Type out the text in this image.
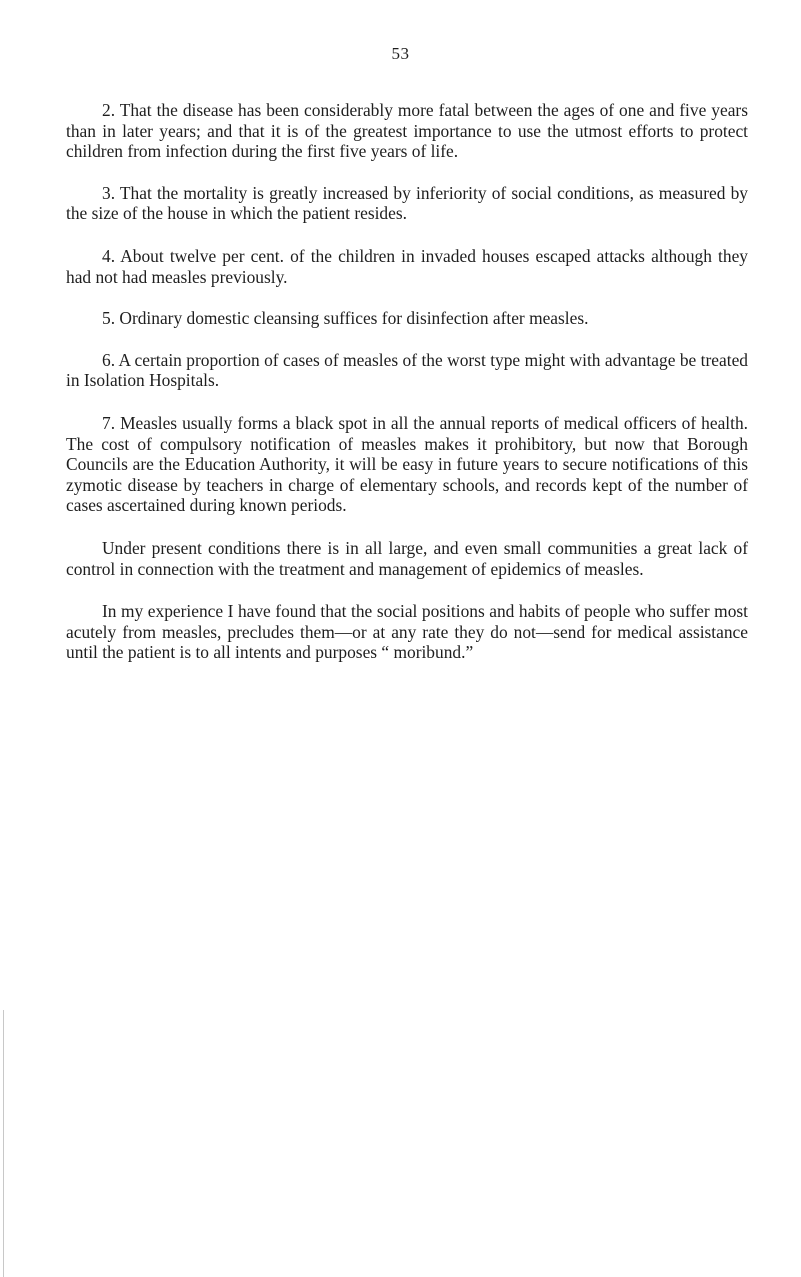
53

2. That the disease has been considerably more fatal between the ages of one and five years than in later years; and that it is of the greatest importance to use the utmost efforts to protect children from infection during the first five years of life.

3. That the mortality is greatly increased by inferiority of social conditions, as measured by the size of the house in which the patient resides.

4. About twelve per cent. of the children in invaded houses escaped attacks although they had not had measles previously.

5. Ordinary domestic cleansing suffices for disinfection after measles.

6. A certain proportion of cases of measles of the worst type might with advantage be treated in Isolation Hospitals.

7. Measles usually forms a black spot in all the annual reports of medical officers of health. The cost of compulsory notification of measles makes it prohibitory, but now that Borough Councils are the Education Authority, it will be easy in future years to secure notifications of this zymotic disease by teachers in charge of elementary schools, and records kept of the number of cases ascertained during known periods.

Under present conditions there is in all large, and even small communities a great lack of control in connection with the treatment and management of epidemics of measles.

In my experience I have found that the social positions and habits of people who suffer most acutely from measles, precludes them—or at any rate they do not—send for medical assistance until the patient is to all intents and purposes “ moribund.”
